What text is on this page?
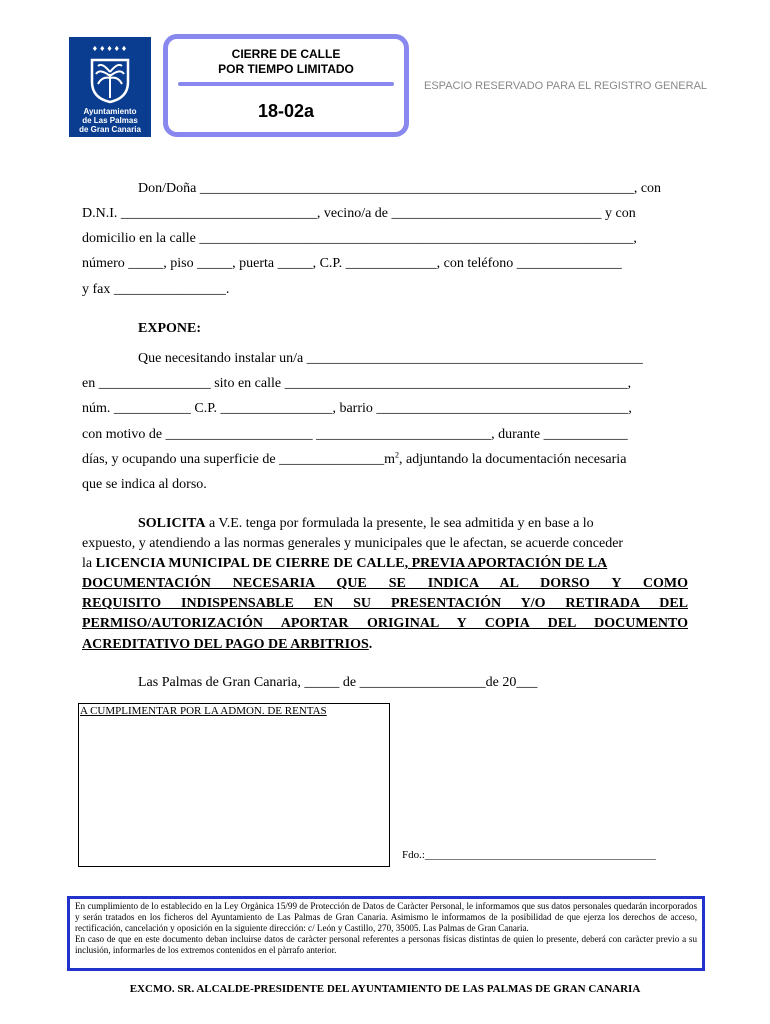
♦♦♦♦♦
Ayuntamiento
de Las Palmas
de Gran Canaria
CIERRE DE CALLE
POR TIEMPO LIMITADO
18-02a
ESPACIO RESERVADO PARA EL REGISTRO GENERAL
Don/Doña ______________________________________________________________, con
D.N.I. ____________________________, vecino/a de ______________________________ y con
domicilio en la calle ______________________________________________________________,
número _____, piso _____, puerta _____, C.P. _____________, con teléfono _______________
y fax ________________.
EXPONE:
Que necesitando instalar un/a ________________________________________________
en ________________ sito en calle _________________________________________________,
núm. ___________ C.P. ________________, barrio ____________________________________,
con motivo de _____________________ _________________________, durante ____________
días, y ocupando una superficie de $\_\_\_\_\_\_\_\_\_\_\_\_\_\_\_m^2$, adjuntando la documentación necesaria
que se indica al dorso.
SOLICITA a V.E. tenga por formulada la presente, le sea admitida y en base a lo
expuesto, y atendiendo a las normas generales y municipales que le afectan, se acuerde conceder
la LICENCIA MUNICIPAL DE CIERRE DE CALLE, PREVIA APORTACIÓN DE LA
DOCUMENTACIÓN NECESARIA QUE SE INDICA AL DORSO Y COMO
REQUISITO INDISPENSABLE EN SU PRESENTACIÓN Y/O RETIRADA DEL
PERMISO/AUTORIZACIÓN APORTAR ORIGINAL Y COPIA DEL DOCUMENTO
ACREDITATIVO DEL PAGO DE ARBITRIOS.
Las Palmas de Gran Canaria, _____ de __________________de 20___
A CUMPLIMENTAR POR LA ADMON. DE RENTAS
Fdo.:__________________________________________
En cumplimiento de lo establecido en la Ley Orgànica 15/99 de Protección de Datos de Caràcter Personal, le informamos que sus datos personales quedarán incorporados y serán tratados en los ficheros del Ayuntamiento de Las Palmas de Gran Canaria. Asimismo le informamos de la posibilidad de que ejerza los derechos de acceso, rectificación, cancelación y oposición en la siguiente dirección: c/ León y Castillo, 270, 35005. Las Palmas de Gran Canaria.
En caso de que en este documento deban incluirse datos de caràcter personal referentes a personas físicas distintas de quien lo presente, deberá con caràcter previo a su inclusión, informarles de los extremos contenidos en el pàrrafo anterior.
EXCMO. SR. ALCALDE-PRESIDENTE DEL AYUNTAMIENTO DE LAS PALMAS DE GRAN CANARIA
